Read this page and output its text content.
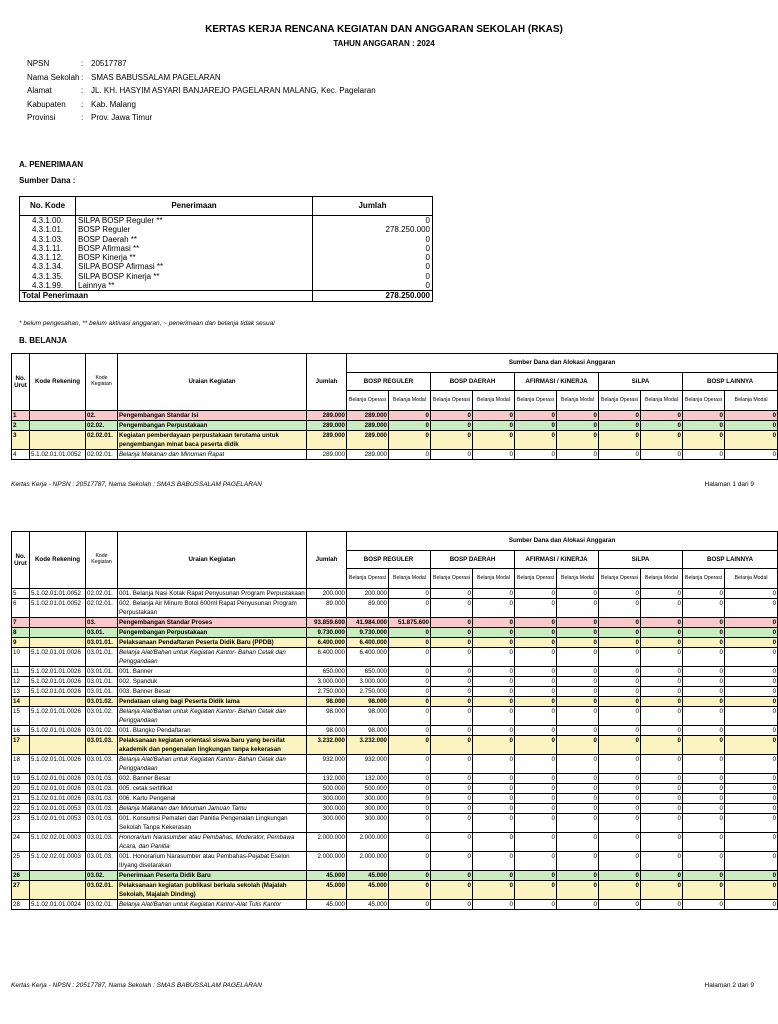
KERTAS KERJA RENCANA KEGIATAN DAN ANGGARAN SEKOLAH (RKAS)
TAHUN ANGGARAN : 2024
NPSN	: 20517787
Nama Sekolah : SMAS BABUSSALAM PAGELARAN
Alamat	: JL. KH. HASYIM ASYARI BANJAREJO PAGELARAN MALANG, Kec. Pagelaran
Kabupaten	: Kab. Malang
Provinsi	: Prov. Jawa Timur
A. PENERIMAAN
Sumber Dana :
No. Kode	Penerimaan	Jumlah
4.3.1.00.	SILPA BOSP Reguler **	0
4.3.1.01.	BOSP Reguler	278.250.000
4.3.1.03.	BOSP Daerah **	0
4.3.1.11.	BOSP Afirmasi **	0
4.3.1.12.	BOSP Kinerja **	0
4.3.1.34.	SILPA BOSP Afirmasi **	0
4.3.1.35.	SILPA BOSP Kinerja **	0
4.3.1.99.	Lainnya **	0
Total Penerimaan		278.250.000
* belum pengesahan, ** belum aktivasi anggaran, ~ penerimaan dan belanja tidak sesuai
B. BELANJA
No. Urut	Kode Rekening	Kode Kegiatan	Uraian Kegiatan	Jumlah	Sumber Dana dan Alokasi Anggaran									
					BOSP REGULER		BOSP DAERAH		AFIRMASI / KINERJA		SiLPA		BOSP LAINNYA	
					Belanja Operasi	Belanja Modal	Belanja Operasi	Belanja Modal	Belanja Operasi	Belanja Modal	Belanja Operasi	Belanja Modal	Belanja Operasi	Belanja Modal
1		02.	Pengembangan Standar Isi	289.000	289.000	0	0	0	0	0	0	0	0	0
2		02.02.	Pengembangan Perpustakaan	289.000	289.000	0	0	0	0	0	0	0	0	0
3		02.02.01.	Kegiatan pemberdayaan perpustakaan terutama untuk pengembangan minat baca peserta didik	289.000	289.000	0	0	0	0	0	0	0	0	0
4	5.1.02.01.01.0052	02.02.01.	Belanja Makanan dan Minuman Rapat	289.000	289.000	0	0	0	0	0	0	0	0	0
Kertas Kerja - NPSN : 20517787, Nama Sekolah : SMAS BABUSSALAM PAGELARAN	Halaman 1 dari 9
No. Urut	Kode Rekening	Kode Kegiatan	Uraian Kegiatan	Jumlah	Sumber Dana dan Alokasi Anggaran									
					BOSP REGULER		BOSP DAERAH		AFIRMASI / KINERJA		SiLPA		BOSP LAINNYA	
					Belanja Operasi	Belanja Modal	Belanja Operasi	Belanja Modal	Belanja Operasi	Belanja Modal	Belanja Operasi	Belanja Modal	Belanja Operasi	Belanja Modal
5	5.1.02.01.01.0052	02.02.01.	001. Belanja Nasi Kotak Rapat Penyusunan Program Perpustakaan	200.000	200.000	0	0	0	0	0	0	0	0	0
6	5.1.02.01.01.0052	02.02.01.	002. Belanja Air Minum Botol 600ml Rapat Penyusunan Program Perpustakaan	89.000	89.000	0	0	0	0	0	0	0	0	0
7		03.	Pengembangan Standar Proses	93.859.600	41.984.000	51.875.600	0	0	0	0	0	0	0	0
8		03.01.	Pengembangan Perpustakaan	9.730.000	9.730.000	0	0	0	0	0	0	0	0	0
9		03.01.01.	Pelaksanaan Pendaftaran Peserta Didik Baru (PPDB)	6.400.000	6.400.000	0	0	0	0	0	0	0	0	0
10	5.1.02.01.01.0026	03.01.01.	Belanja Alat/Bahan untuk Kegiatan Kantor- Bahan Cetak dan Penggandaan	6.400.000	6.400.000	0	0	0	0	0	0	0	0	0
11	5.1.02.01.01.0026	03.01.01.	001. Banner	650.000	650.000	0	0	0	0	0	0	0	0	0
12	5.1.02.01.01.0026	03.01.01.	002. Spanduk	3.000.000	3.000.000	0	0	0	0	0	0	0	0	0
13	5.1.02.01.01.0026	03.01.01.	003. Banner Besar	2.750.000	2.750.000	0	0	0	0	0	0	0	0	0
14		03.01.02.	Pendataan ulang bagi Peserta Didik lama	98.000	98.000	0	0	0	0	0	0	0	0	0
15	5.1.02.01.01.0026	03.01.02.	Belanja Alat/Bahan untuk Kegiatan Kantor- Bahan Cetak dan Penggandaan	98.000	98.000	0	0	0	0	0	0	0	0	0
16	5.1.02.01.01.0026	03.01.02.	001. Blangko Pendaftaran	98.000	98.000	0	0	0	0	0	0	0	0	0
17		03.01.03.	Pelaksanaan kegiatan orientasi siswa baru yang bersifat akademik dan pengenalan lingkungan tanpa kekerasan	3.232.000	3.232.000	0	0	0	0	0	0	0	0	0
18	5.1.02.01.01.0026	03.01.03.	Belanja Alat/Bahan untuk Kegiatan Kantor- Bahan Cetak dan Penggandaan	932.000	932.000	0	0	0	0	0	0	0	0	0
19	5.1.02.01.01.0026	03.01.03.	002. Banner Besar	132.000	132.000	0	0	0	0	0	0	0	0	0
20	5.1.02.01.01.0026	03.01.03.	005. cetak sertifikat	500.000	500.000	0	0	0	0	0	0	0	0	0
21	5.1.02.01.01.0026	03.01.03.	006. Kartu Pengenal	300.000	300.000	0	0	0	0	0	0	0	0	0
22	5.1.02.01.01.0053	03.01.03.	Belanja Makanan dan Minuman Jamuan Tamu	300.000	300.000	0	0	0	0	0	0	0	0	0
23	5.1.02.01.01.0053	03.01.03.	001. Konsumsi Pemateri dan Panitia Pengenalan Lingkungan Sekolah Tanpa Kekerasan	300.000	300.000	0	0	0	0	0	0	0	0	0
24	5.1.02.02.01.0003	03.01.03.	Honorarium Narasumber atau Pembahas, Moderator, Pembawa Acara, dan Panitia	2.000.000	2.000.000	0	0	0	0	0	0	0	0	0
25	5.1.02.02.01.0003	03.01.03.	001. Honorarium Narasumber atau Pembahas-Pejabat Eselon II/yang disetarakan	2.000.000	2.000.000	0	0	0	0	0	0	0	0	0
26		03.02.	Penerimaan Peserta Didik Baru	45.000	45.000	0	0	0	0	0	0	0	0	0
27		03.02.01.	Pelaksanaan kegiatan publikasi berkala sekolah (Majalah Sekolah, Majalah Dinding)	45.000	45.000	0	0	0	0	0	0	0	0	0
28	5.1.02.01.01.0024	03.02.01.	Belanja Alat/Bahan untuk Kegiatan Kantor-Alat Tulis Kantor	45.000	45.000	0	0	0	0	0	0	0	0	0
Kertas Kerja - NPSN : 20517787, Nama Sekolah : SMAS BABUSSALAM PAGELARAN	Halaman 2 dari 9
